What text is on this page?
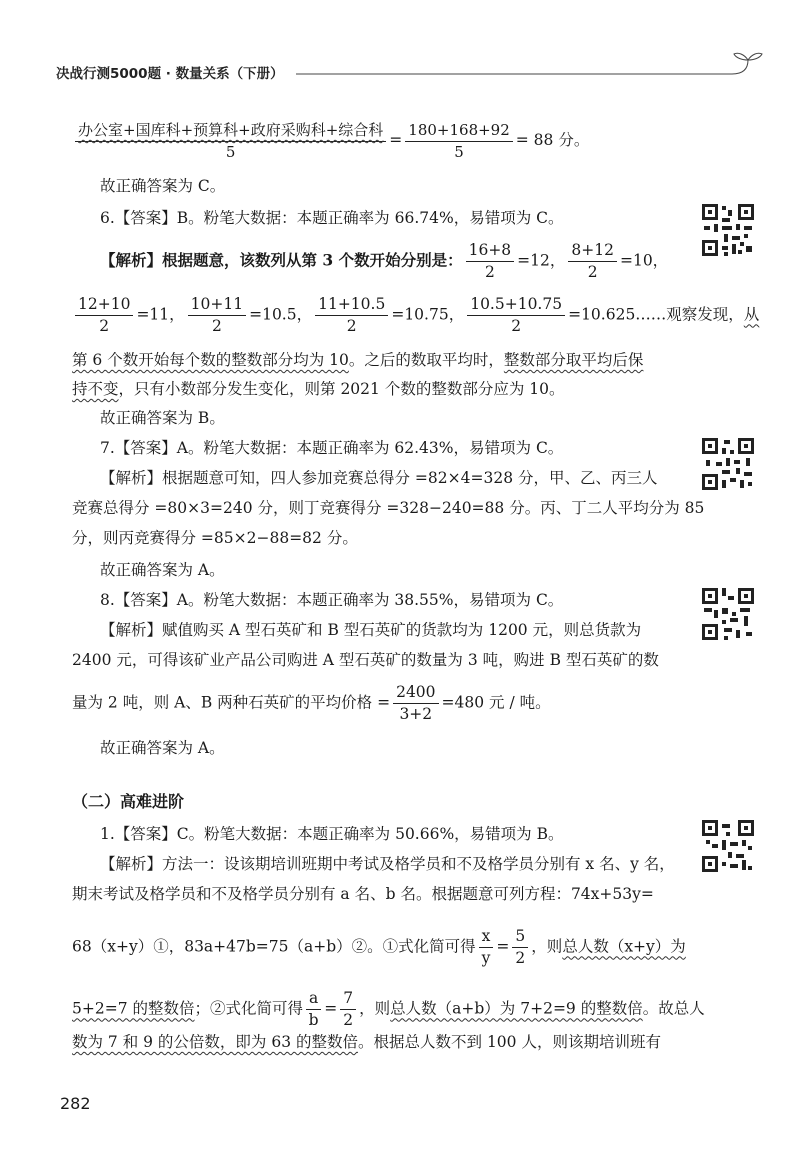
决战行测5000题 · 数量关系（下册）
$\frac{\text{办公室+国库科+预算科+政府采购科+综合科}}{5} = \frac{180+168+92}{5} = 88$ 分。
故正确答案为 C。
6.【答案】B。粉笔大数据：本题正确率为 66.74%，易错项为 C。
【解析】根据题意，该数列从第 3 个数开始分别是： $\frac{16+8}{2} =12$， $\frac{8+12}{2} =10$，
$\frac{12+10}{2} =11$， $\frac{10+11}{2} =10.5$， $\frac{11+10.5}{2} =10.75$， $\frac{10.5+10.75}{2}$ =10.625……观察发现，从
第 6 个数开始每个数的整数部分均为 10。之后的数取平均时，整数部分取平均后保
持不变，只有小数部分发生变化，则第 2021 个数的整数部分应为 10。
故正确答案为 B。
7.【答案】A。粉笔大数据：本题正确率为 62.43%，易错项为 C。
【解析】根据题意可知，四人参加竞赛总得分 =82×4=328 分，甲、乙、丙三人
竞赛总得分 =80×3=240 分，则丁竞赛得分 =328−240=88 分。丙、丁二人平均分为 85
分，则丙竞赛得分 =85×2−88=82 分。
故正确答案为 A。
8.【答案】A。粉笔大数据：本题正确率为 38.55%，易错项为 C。
【解析】赋值购买 A 型石英矿和 B 型石英矿的货款均为 1200 元，则总货款为
2400 元，可得该矿业产品公司购进 A 型石英矿的数量为 3 吨，购进 B 型石英矿的数
量为 2 吨，则 A、B 两种石英矿的平均价格 = $\frac{2400}{3+2} =480$ 元 / 吨。
故正确答案为 A。
（二）高难进阶
1.【答案】C。粉笔大数据：本题正确率为 50.66%，易错项为 B。
【解析】方法一：设该期培训班期中考试及格学员和不及格学员分别有 x 名、y 名，
期末考试及格学员和不及格学员分别有 a 名、b 名。根据题意可列方程：74x+53y=
68（x+y）①，83a+47b=75（a+b）②。①式化简可得 $\frac{x}{y} = \frac{5}{2}$ ，则总人数（x+y）为
5+2=7 的整数倍；②式化简可得 $\frac{a}{b} = \frac{7}{2}$ ，则总人数（a+b）为 7+2=9 的整数倍。故总人
数为 7 和 9 的公倍数，即为 63 的整数倍。根据总人数不到 100 人，则该期培训班有
282
